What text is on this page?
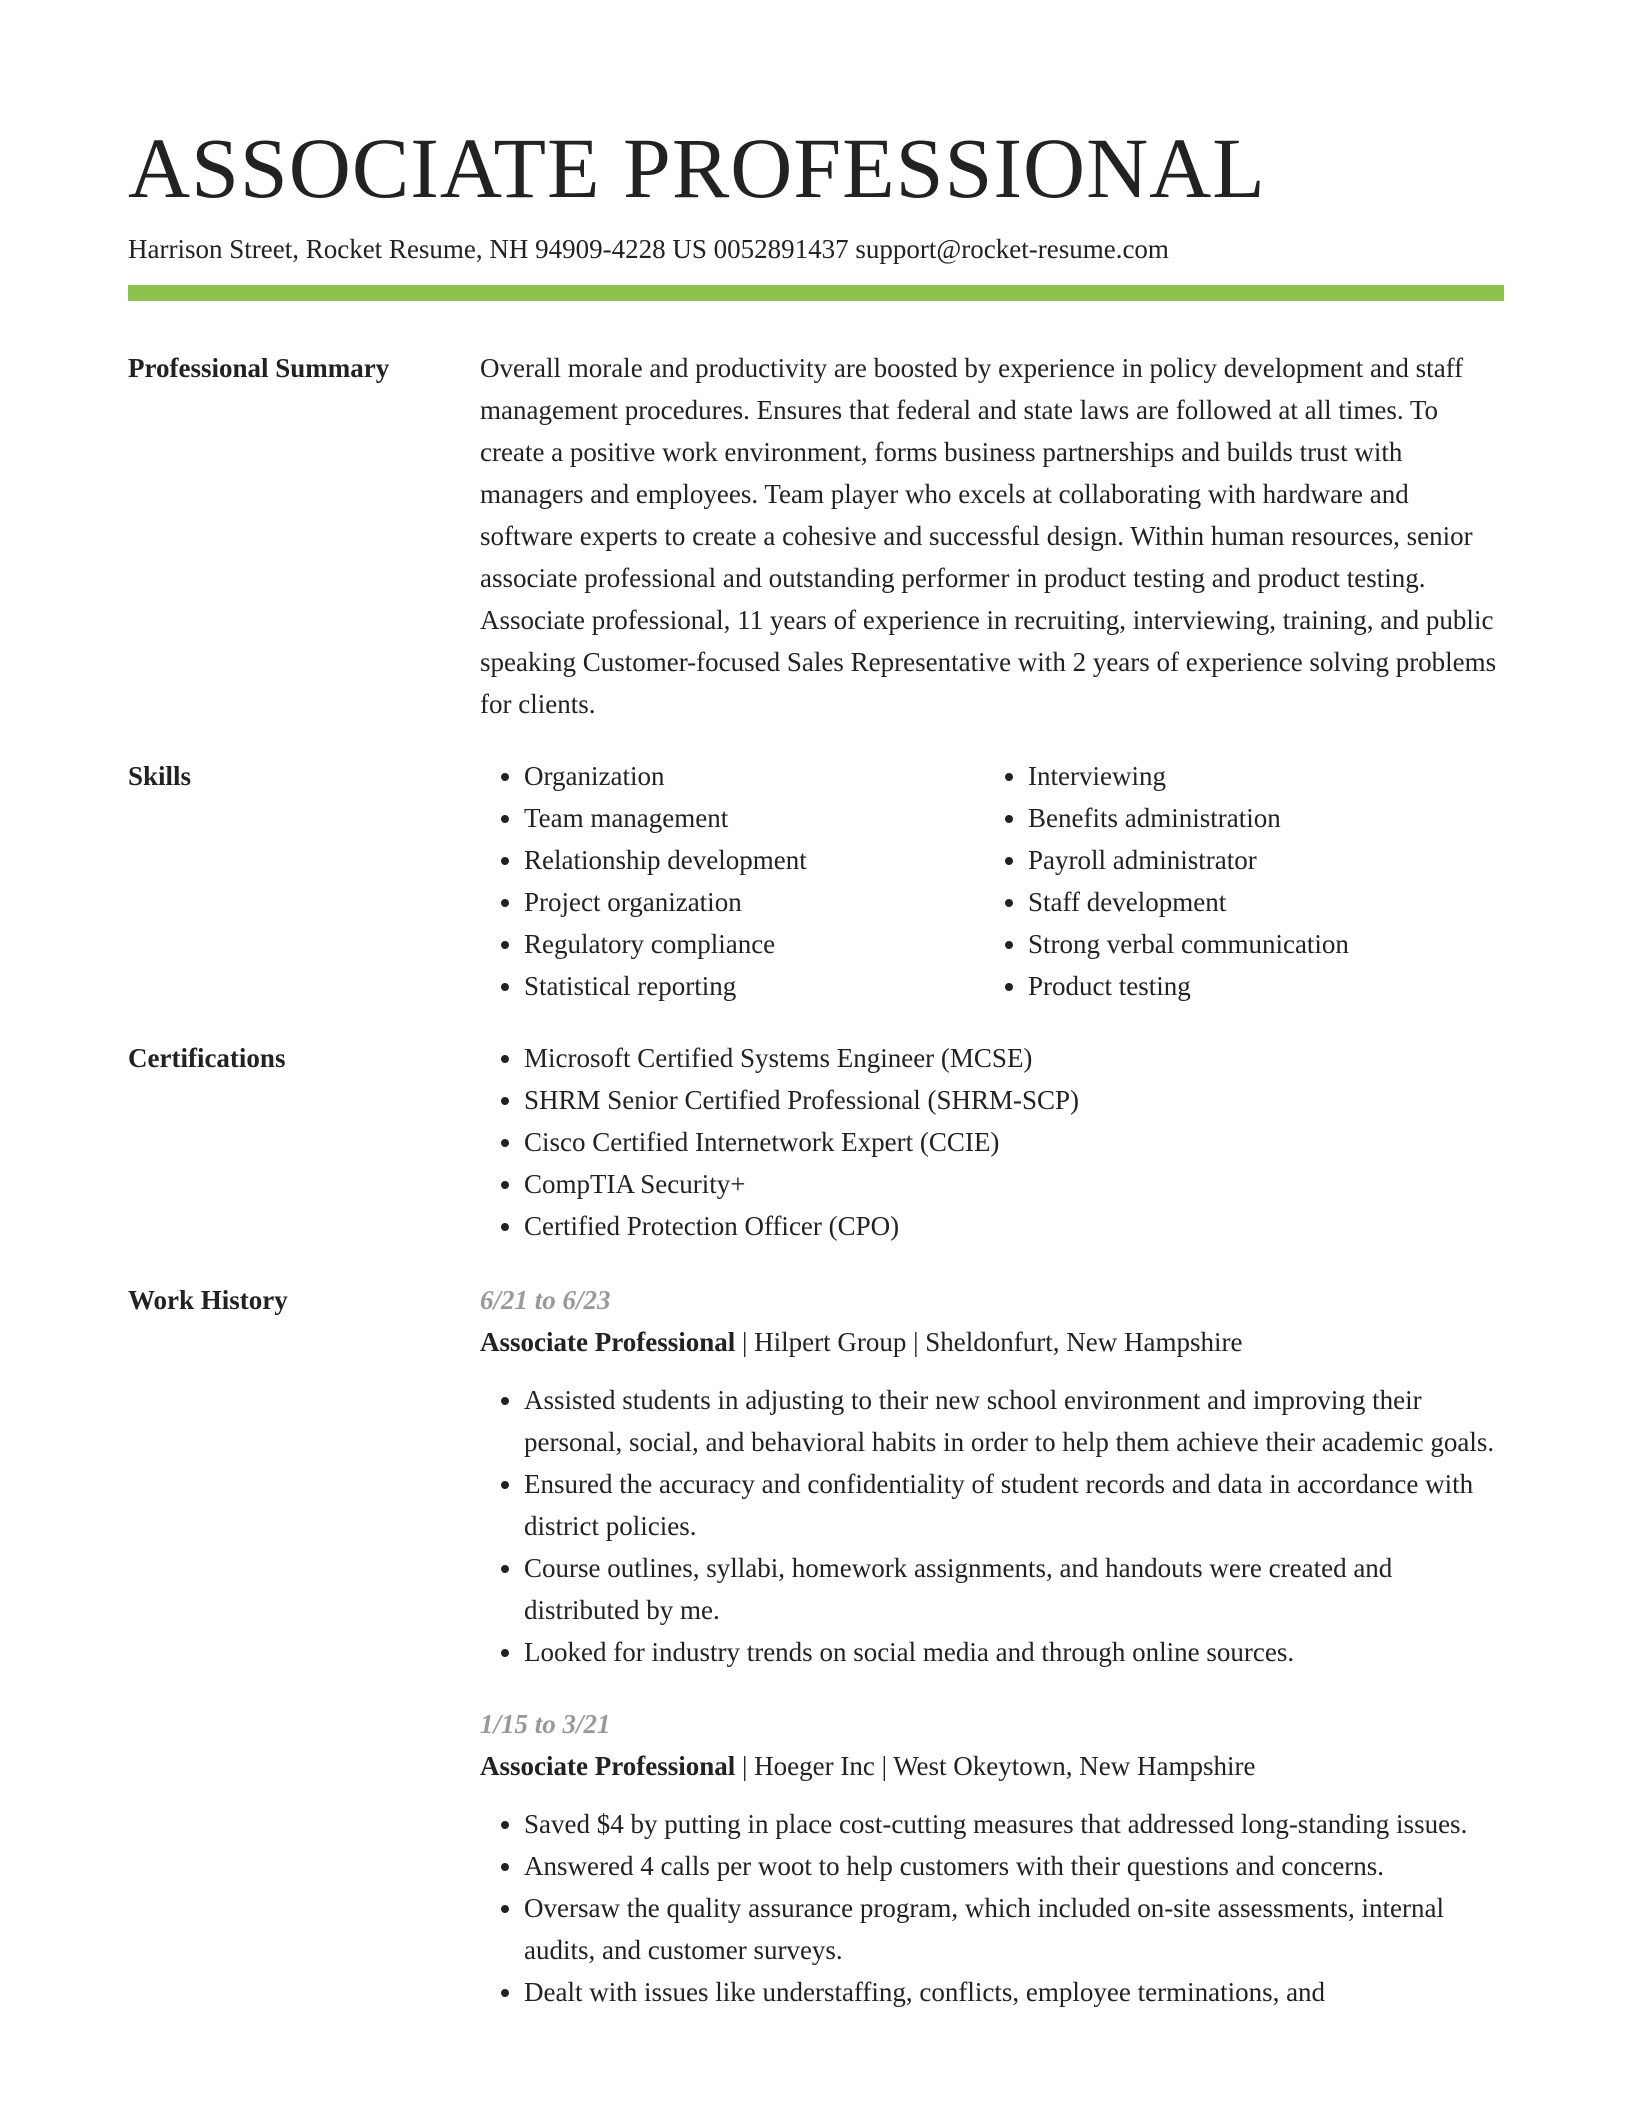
ASSOCIATE PROFESSIONAL
Harrison Street, Rocket Resume, NH 94909-4228 US 0052891437 support@rocket-resume.com
Professional Summary	Overall morale and productivity are boosted by experience in policy development and staff management procedures. Ensures that federal and state laws are followed at all times. To create a positive work environment, forms business partnerships and builds trust with managers and employees. Team player who excels at collaborating with hardware and software experts to create a cohesive and successful design. Within human resources, senior associate professional and outstanding performer in product testing and product testing. Associate professional, 11 years of experience in recruiting, interviewing, training, and public speaking Customer-focused Sales Representative with 2 years of experience solving problems for clients.

Skills	• Organization
• Team management
• Relationship development
• Project organization
• Regulatory compliance
• Statistical reporting
• Interviewing
• Benefits administration
• Payroll administrator
• Staff development
• Strong verbal communication
• Product testing
Certifications	• Microsoft Certified Systems Engineer (MCSE)
• SHRM Senior Certified Professional (SHRM-SCP)
• Cisco Certified Internetwork Expert (CCIE)
• CompTIA Security+
• Certified Protection Officer (CPO)
Work History	6/21 to 6/23
Associate Professional | Hilpert Group | Sheldonfurt, New Hampshire
• Assisted students in adjusting to their new school environment and improving their personal, social, and behavioral habits in order to help them achieve their academic goals.
• Ensured the accuracy and confidentiality of student records and data in accordance with district policies.
• Course outlines, syllabi, homework assignments, and handouts were created and distributed by me.
• Looked for industry trends on social media and through online sources.
1/15 to 3/21
Associate Professional | Hoeger Inc | West Okeytown, New Hampshire
• Saved $4 by putting in place cost-cutting measures that addressed long-standing issues.
• Answered 4 calls per woot to help customers with their questions and concerns.
• Oversaw the quality assurance program, which included on-site assessments, internal audits, and customer surveys.
• Dealt with issues like understaffing, conflicts, employee terminations, and
